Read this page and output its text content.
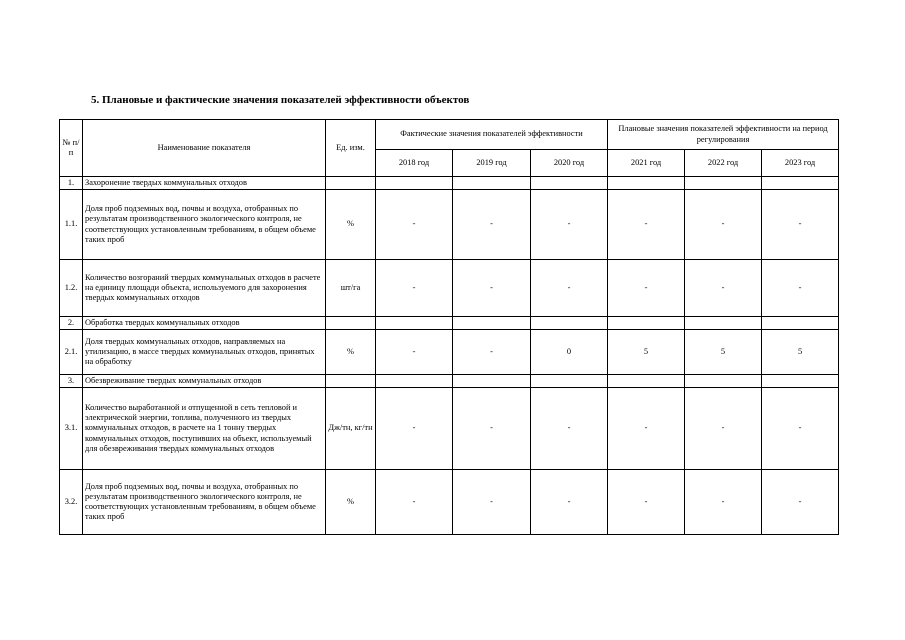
5. Плановые и фактические значения показателей эффективности объектов
№ п/п	Наименование показателя	Ед. изм.	Фактические значения показателей эффективности			Плановые значения показателей эффективности на период регулирования		
			2018 год	2019 год	2020 год	2021 год	2022 год	2023 год
1.	Захоронение твердых коммунальных отходов							
1.1.	Доля проб подземных вод, почвы и воздуха, отобранных по результатам производственного экологического контроля, не соответствующих установленным требованиям, в общем объеме таких проб	%	-	-	-	-	-	-
1.2.	Количество возгораний твердых коммунальных отходов в расчете на единицу площади объекта, используемого для захоронения твердых коммунальных отходов	шт/га	-	-	-	-	-	-
2.	Обработка твердых коммунальных отходов							
2.1.	Доля твердых коммунальных отходов, направляемых на утилизацию, в массе твердых коммунальных отходов, принятых на обработку	%	-	-	0	5	5	5
3.	Обезвреживание твердых коммунальных отходов							
3.1.	Количество выработанной и отпущенной в сеть тепловой и электрической энергии, топлива, полученного из твердых коммунальных отходов, в расчете на 1 тонну твердых коммунальных отходов, поступивших на объект, используемый для обезвреживания твердых коммунальных отходов	Дж/тн, кг/тн	-	-	-	-	-	-
3.2.	Доля проб подземных вод, почвы и воздуха, отобранных по результатам производственного экологического контроля, не соответствующих установленным требованиям, в общем объеме таких проб	%	-	-	-	-	-	-
